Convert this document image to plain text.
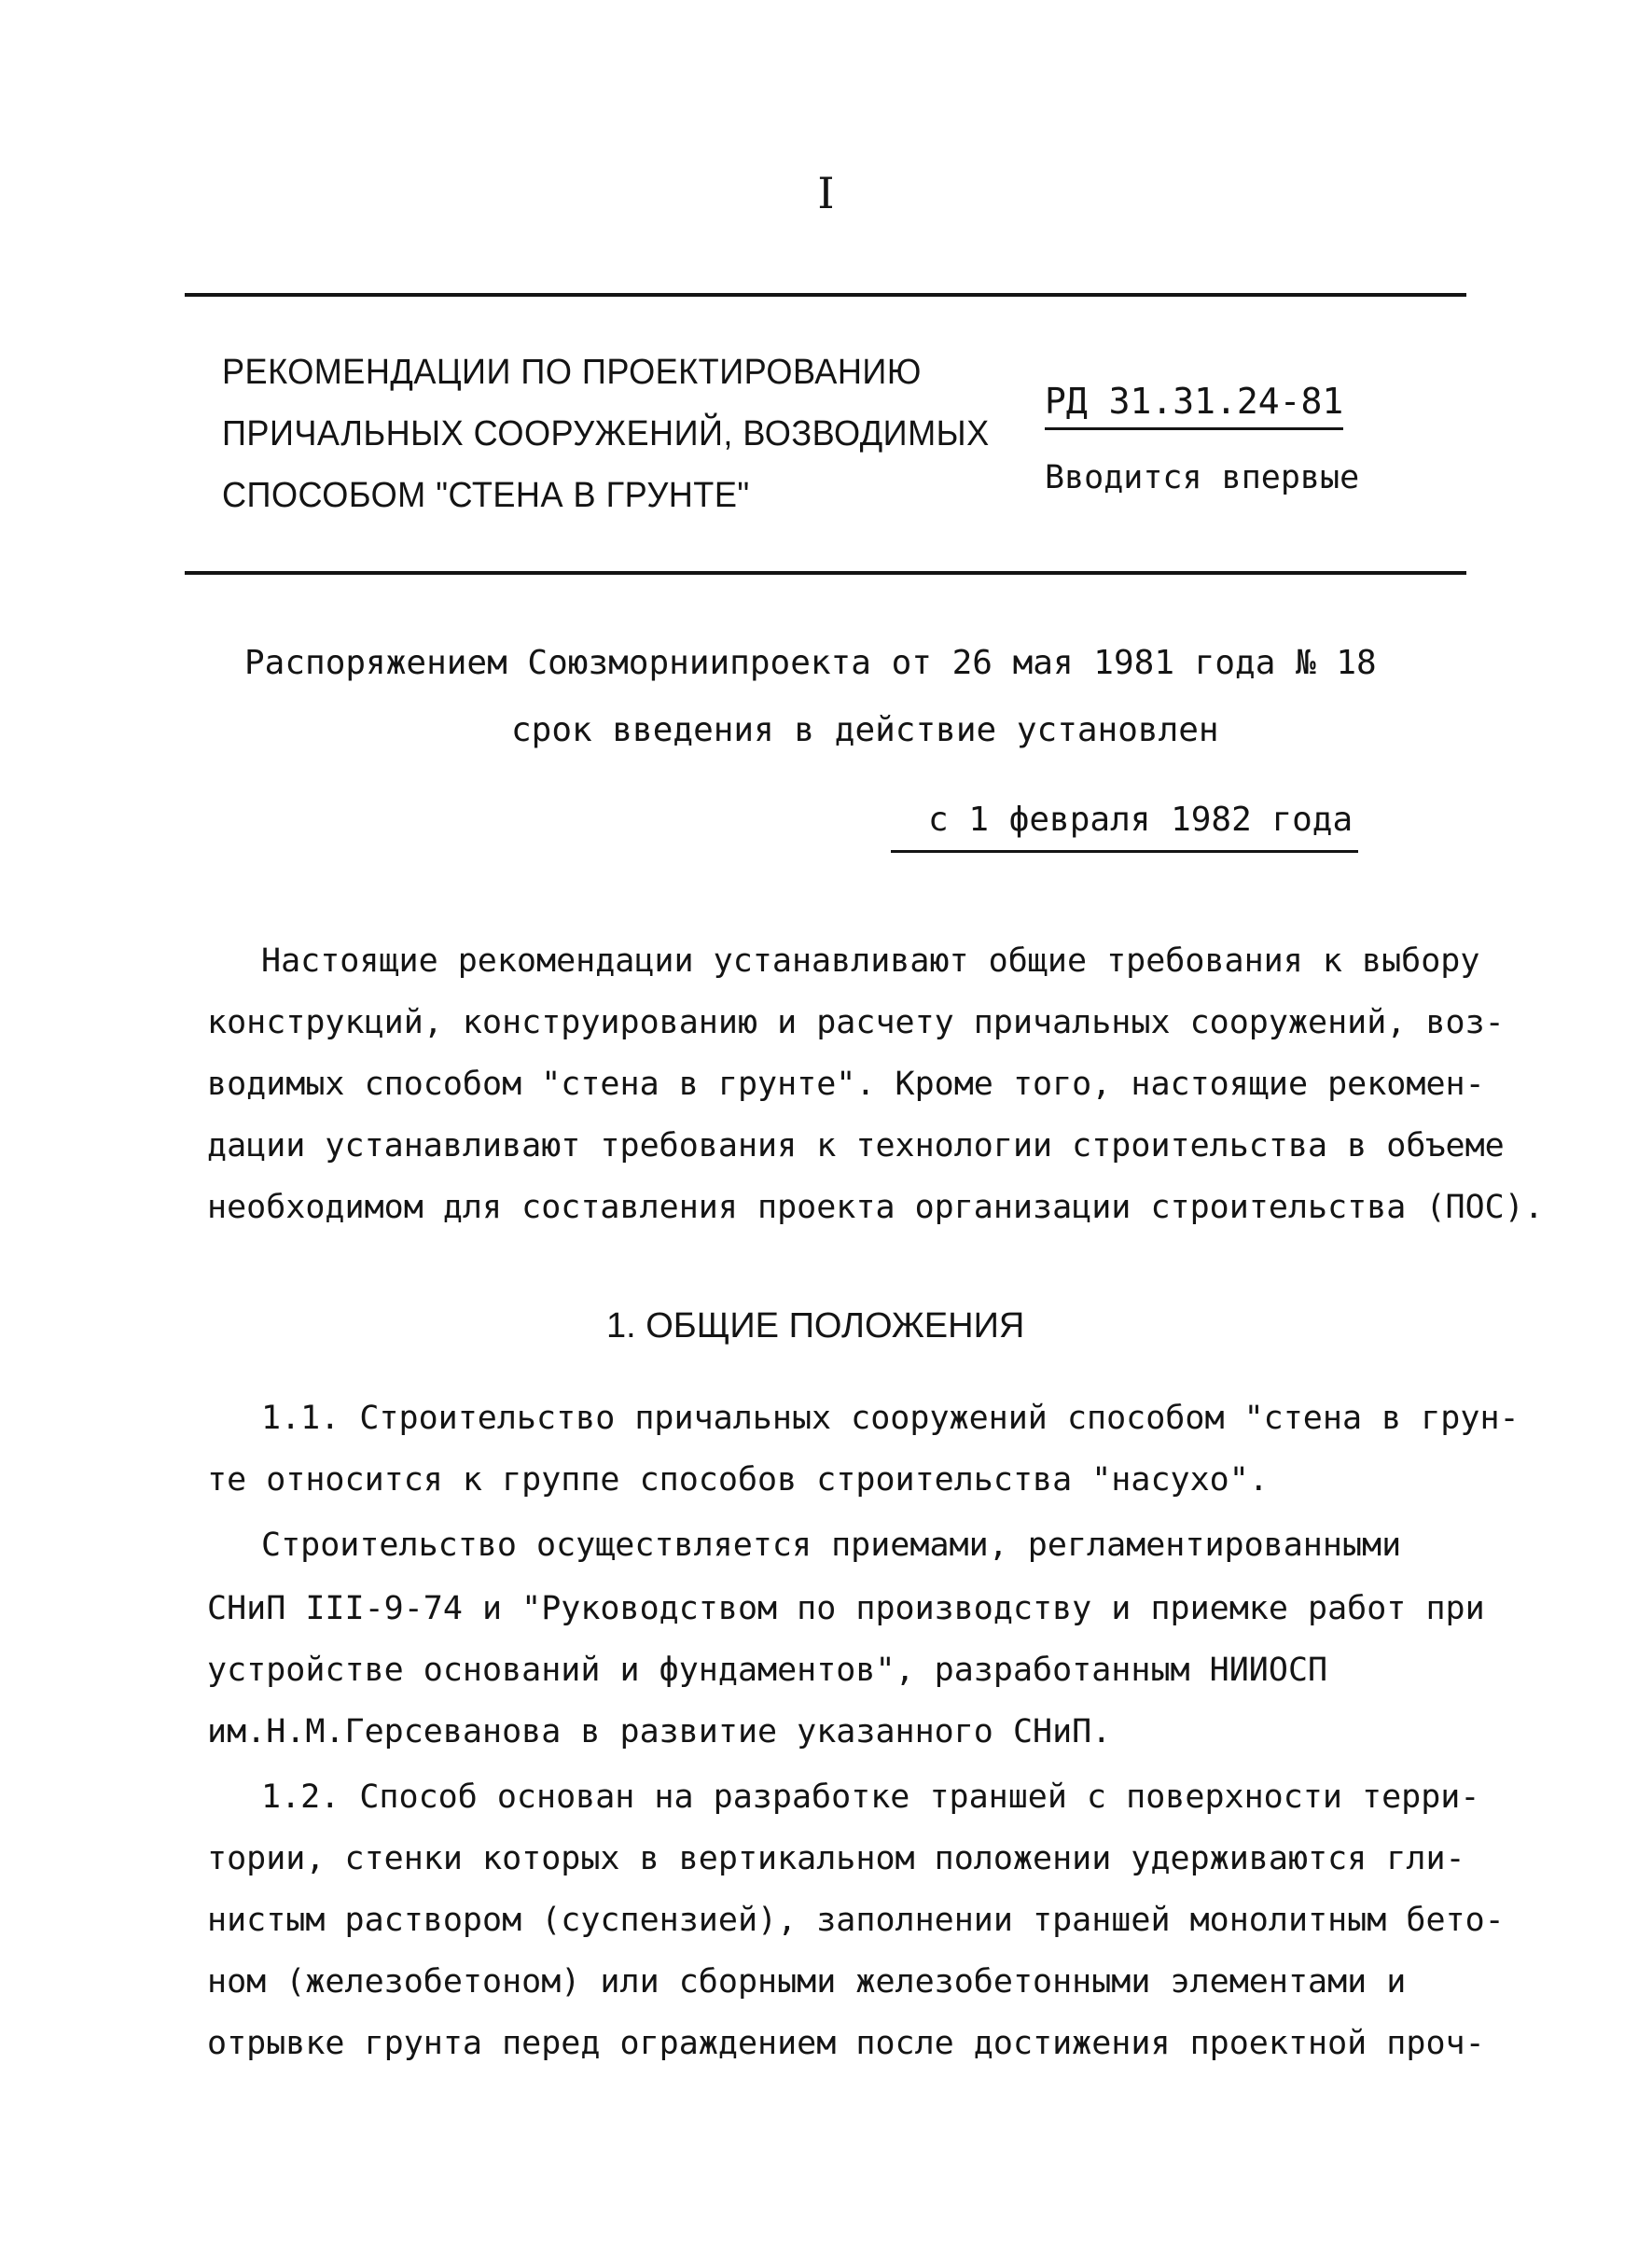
I
РЕКОМЕНДАЦИИ ПО ПРОЕКТИРОВАНИЮ
ПРИЧАЛЬНЫХ СООРУЖЕНИЙ, ВОЗВОДИМЫХ
СПОСОБОМ "СТЕНА В ГРУНТЕ"
РД 31.31.24-81
Вводится впервые
Распоряжением Союзморниипроекта от 26 мая 1981 года № 18
срок введения в действие установлен
с 1 февраля 1982 года
Настоящие рекомендации устанавливают общие требования к выбору
конструкций, конструированию и расчету причальных сооружений, воз-
водимых способом "стена в грунте". Кроме того, настоящие рекомен-
дации устанавливают требования к технологии строительства в объеме
необходимом для составления проекта организации строительства (ПОС).
1. ОБЩИЕ ПОЛОЖЕНИЯ
1.1. Строительство причальных сооружений способом "стена в грун-
те относится к группе способов строительства "насухо".
Строительство осуществляется приемами, регламентированными
СНиП III-9-74 и "Руководством по производству и приемке работ при
устройстве оснований и фундаментов", разработанным НИИОСП
им.Н.М.Герсеванова в развитие указанного СНиП.
1.2. Способ основан на разработке траншей с поверхности терри-
тории, стенки которых в вертикальном положении удерживаются гли-
нистым раствором (суспензией), заполнении траншей монолитным бето-
ном (железобетоном) или сборными железобетонными элементами и
отрывке грунта перед ограждением после достижения проектной проч-
